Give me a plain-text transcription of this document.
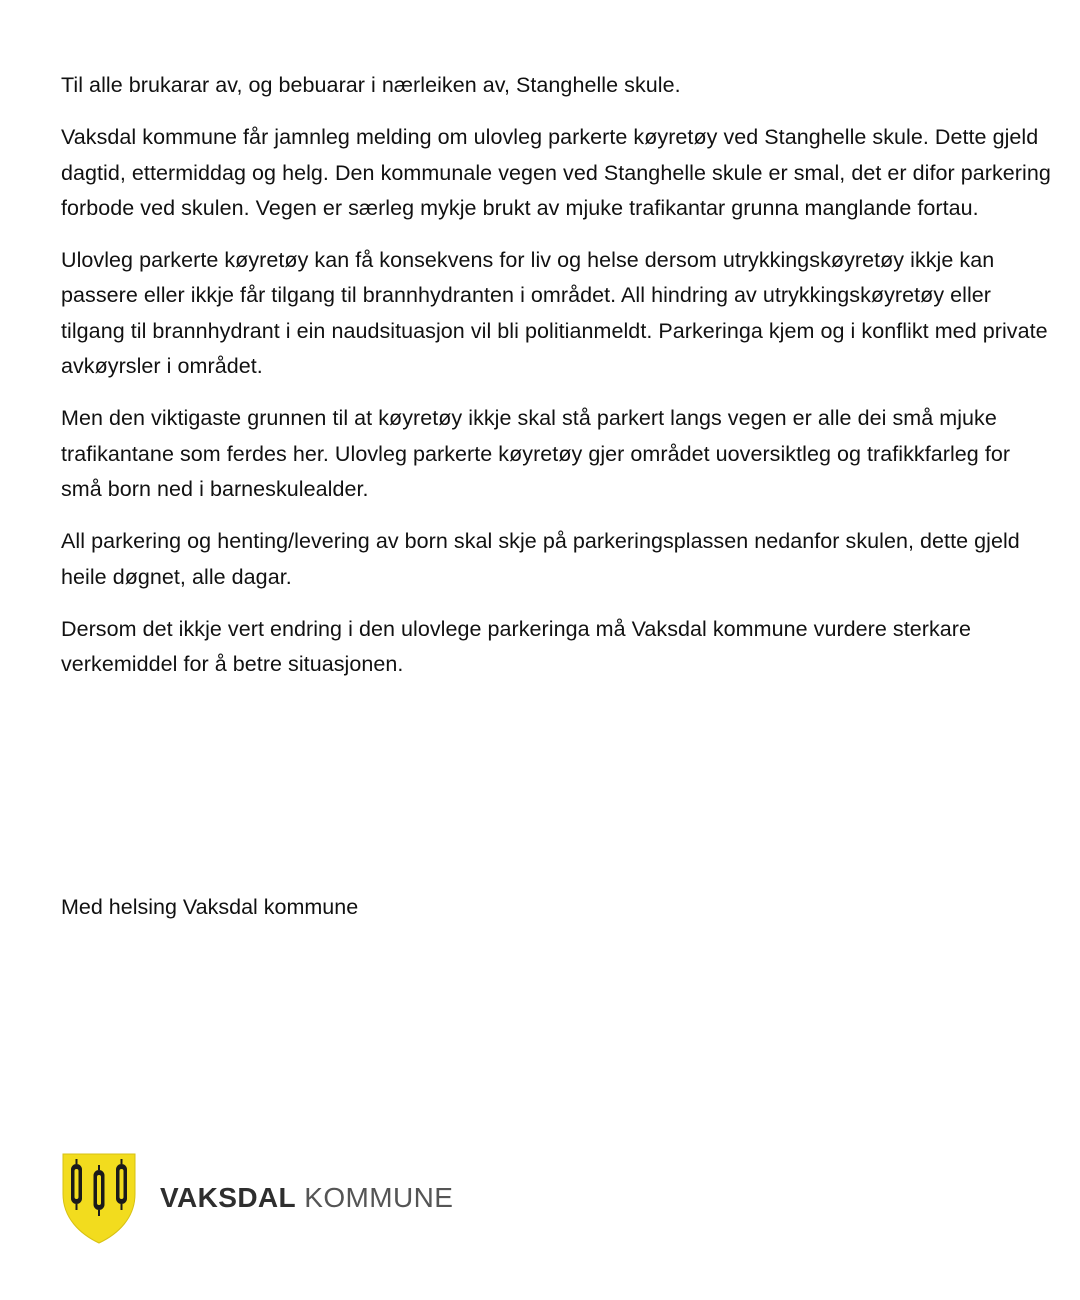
Til alle brukarar av, og bebuarar i nærleiken av, Stanghelle skule.

Vaksdal kommune får jamnleg melding om ulovleg parkerte køyretøy ved Stanghelle skule. Dette gjeld dagtid, ettermiddag og helg. Den kommunale vegen ved Stanghelle skule er smal, det er difor parkering forbode ved skulen. Vegen er særleg mykje brukt av mjuke trafikantar grunna manglande fortau.

Ulovleg parkerte køyretøy kan få konsekvens for liv og helse dersom utrykkingskøyretøy ikkje kan passere eller ikkje får tilgang til brannhydranten i området. All hindring av utrykkingskøyretøy eller tilgang til brannhydrant i ein naudsituasjon vil bli politianmeldt. Parkeringa kjem og i konflikt med private avkøyrsler i området.

Men den viktigaste grunnen til at køyretøy ikkje skal stå parkert langs vegen er alle dei små mjuke trafikantane som ferdes her. Ulovleg parkerte køyretøy gjer området uoversiktleg og trafikkfarleg for små born ned i barneskulealder.

All parkering og henting/levering av born skal skje på parkeringsplassen nedanfor skulen, dette gjeld heile døgnet, alle dagar.

Dersom det ikkje vert endring i den ulovlege parkeringa må Vaksdal kommune vurdere sterkare verkemiddel for å betre situasjonen.

Med helsing Vaksdal kommune

VAKSDAL KOMMUNE
